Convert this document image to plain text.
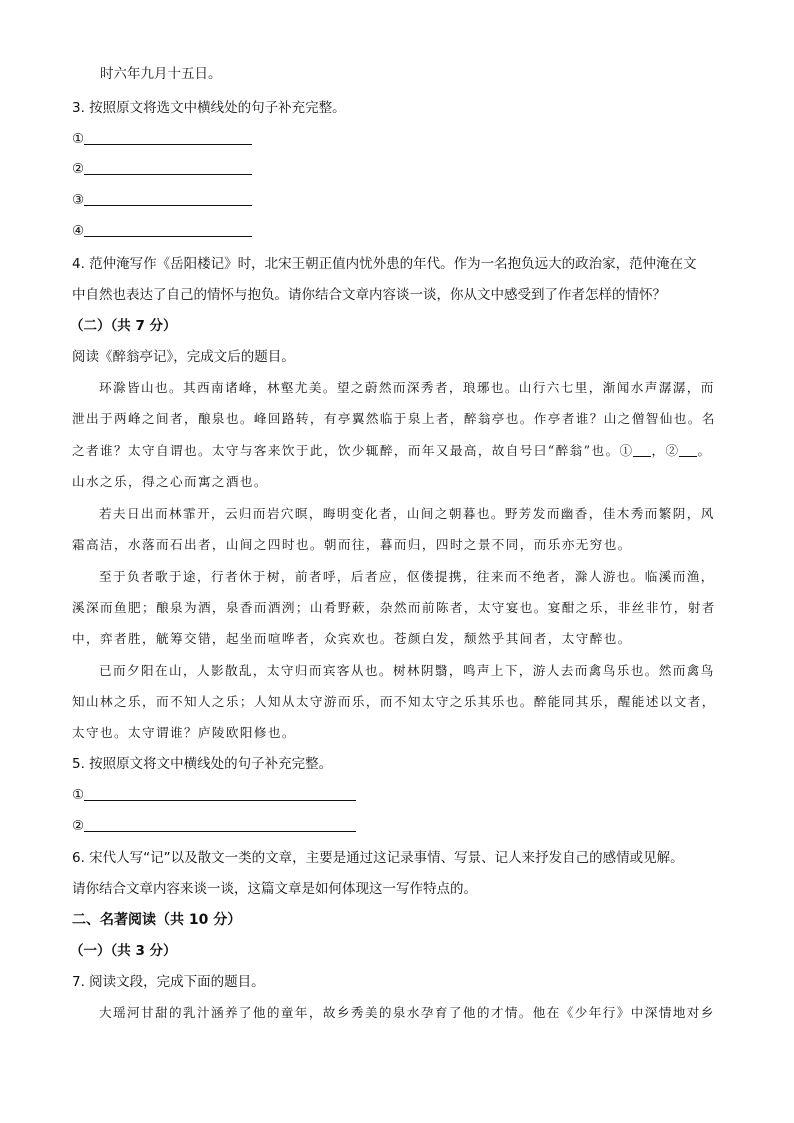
时六年九月十五日。
3. 按照原文将选文中横线处的句子补充完整。
①
②
③
④
4. 范仲淹写作《岳阳楼记》时，北宋王朝正值内忧外患的年代。作为一名抱负远大的政治家，范仲淹在文
中自然也表达了自己的情怀与抱负。请你结合文章内容谈一谈，你从文中感受到了作者怎样的情怀？
（二）（共 7 分）
阅读《醉翁亭记》，完成文后的题目。
环滁皆山也。其西南诸峰，林壑尤美。望之蔚然而深秀者，琅琊也。山行六七里，渐闻水声潺潺，而
泄出于两峰之间者，酿泉也。峰回路转，有亭翼然临于泉上者，醉翁亭也。作亭者谁？山之僧智仙也。名
之者谁？太守自谓也。太守与客来饮于此，饮少辄醉，而年又最高，故自号曰“醉翁”也。① ，② 。
山水之乐，得之心而寓之酒也。
若夫日出而林霏开，云归而岩穴暝，晦明变化者，山间之朝暮也。野芳发而幽香，佳木秀而繁阴，风
霜高洁，水落而石出者，山间之四时也。朝而往，暮而归，四时之景不同，而乐亦无穷也。
至于负者歌于途，行者休于树，前者呼，后者应，伛偻提携，往来而不绝者，滁人游也。临溪而渔，
溪深而鱼肥；酿泉为酒，泉香而酒洌；山肴野蔌，杂然而前陈者，太守宴也。宴酣之乐，非丝非竹，射者
中，弈者胜，觥筹交错，起坐而喧哗者，众宾欢也。苍颜白发，颓然乎其间者，太守醉也。
已而夕阳在山，人影散乱，太守归而宾客从也。树林阴翳，鸣声上下，游人去而禽鸟乐也。然而禽鸟
知山林之乐，而不知人之乐；人知从太守游而乐，而不知太守之乐其乐也。醉能同其乐，醒能述以文者，
太守也。太守谓谁？庐陵欧阳修也。
5. 按照原文将文中横线处的句子补充完整。
①
②
6. 宋代人写“记”以及散文一类的文章，主要是通过这记录事情、写景、记人来抒发自己的感情或见解。
请你结合文章内容来谈一谈，这篇文章是如何体现这一写作特点的。
二、名著阅读（共 10 分）
（一）（共 3 分）
7. 阅读文段，完成下面的题目。
大瑶河甘甜的乳汁涵养了他的童年，故乡秀美的泉水孕育了他的才情。他在《少年行》中深情地对乡
